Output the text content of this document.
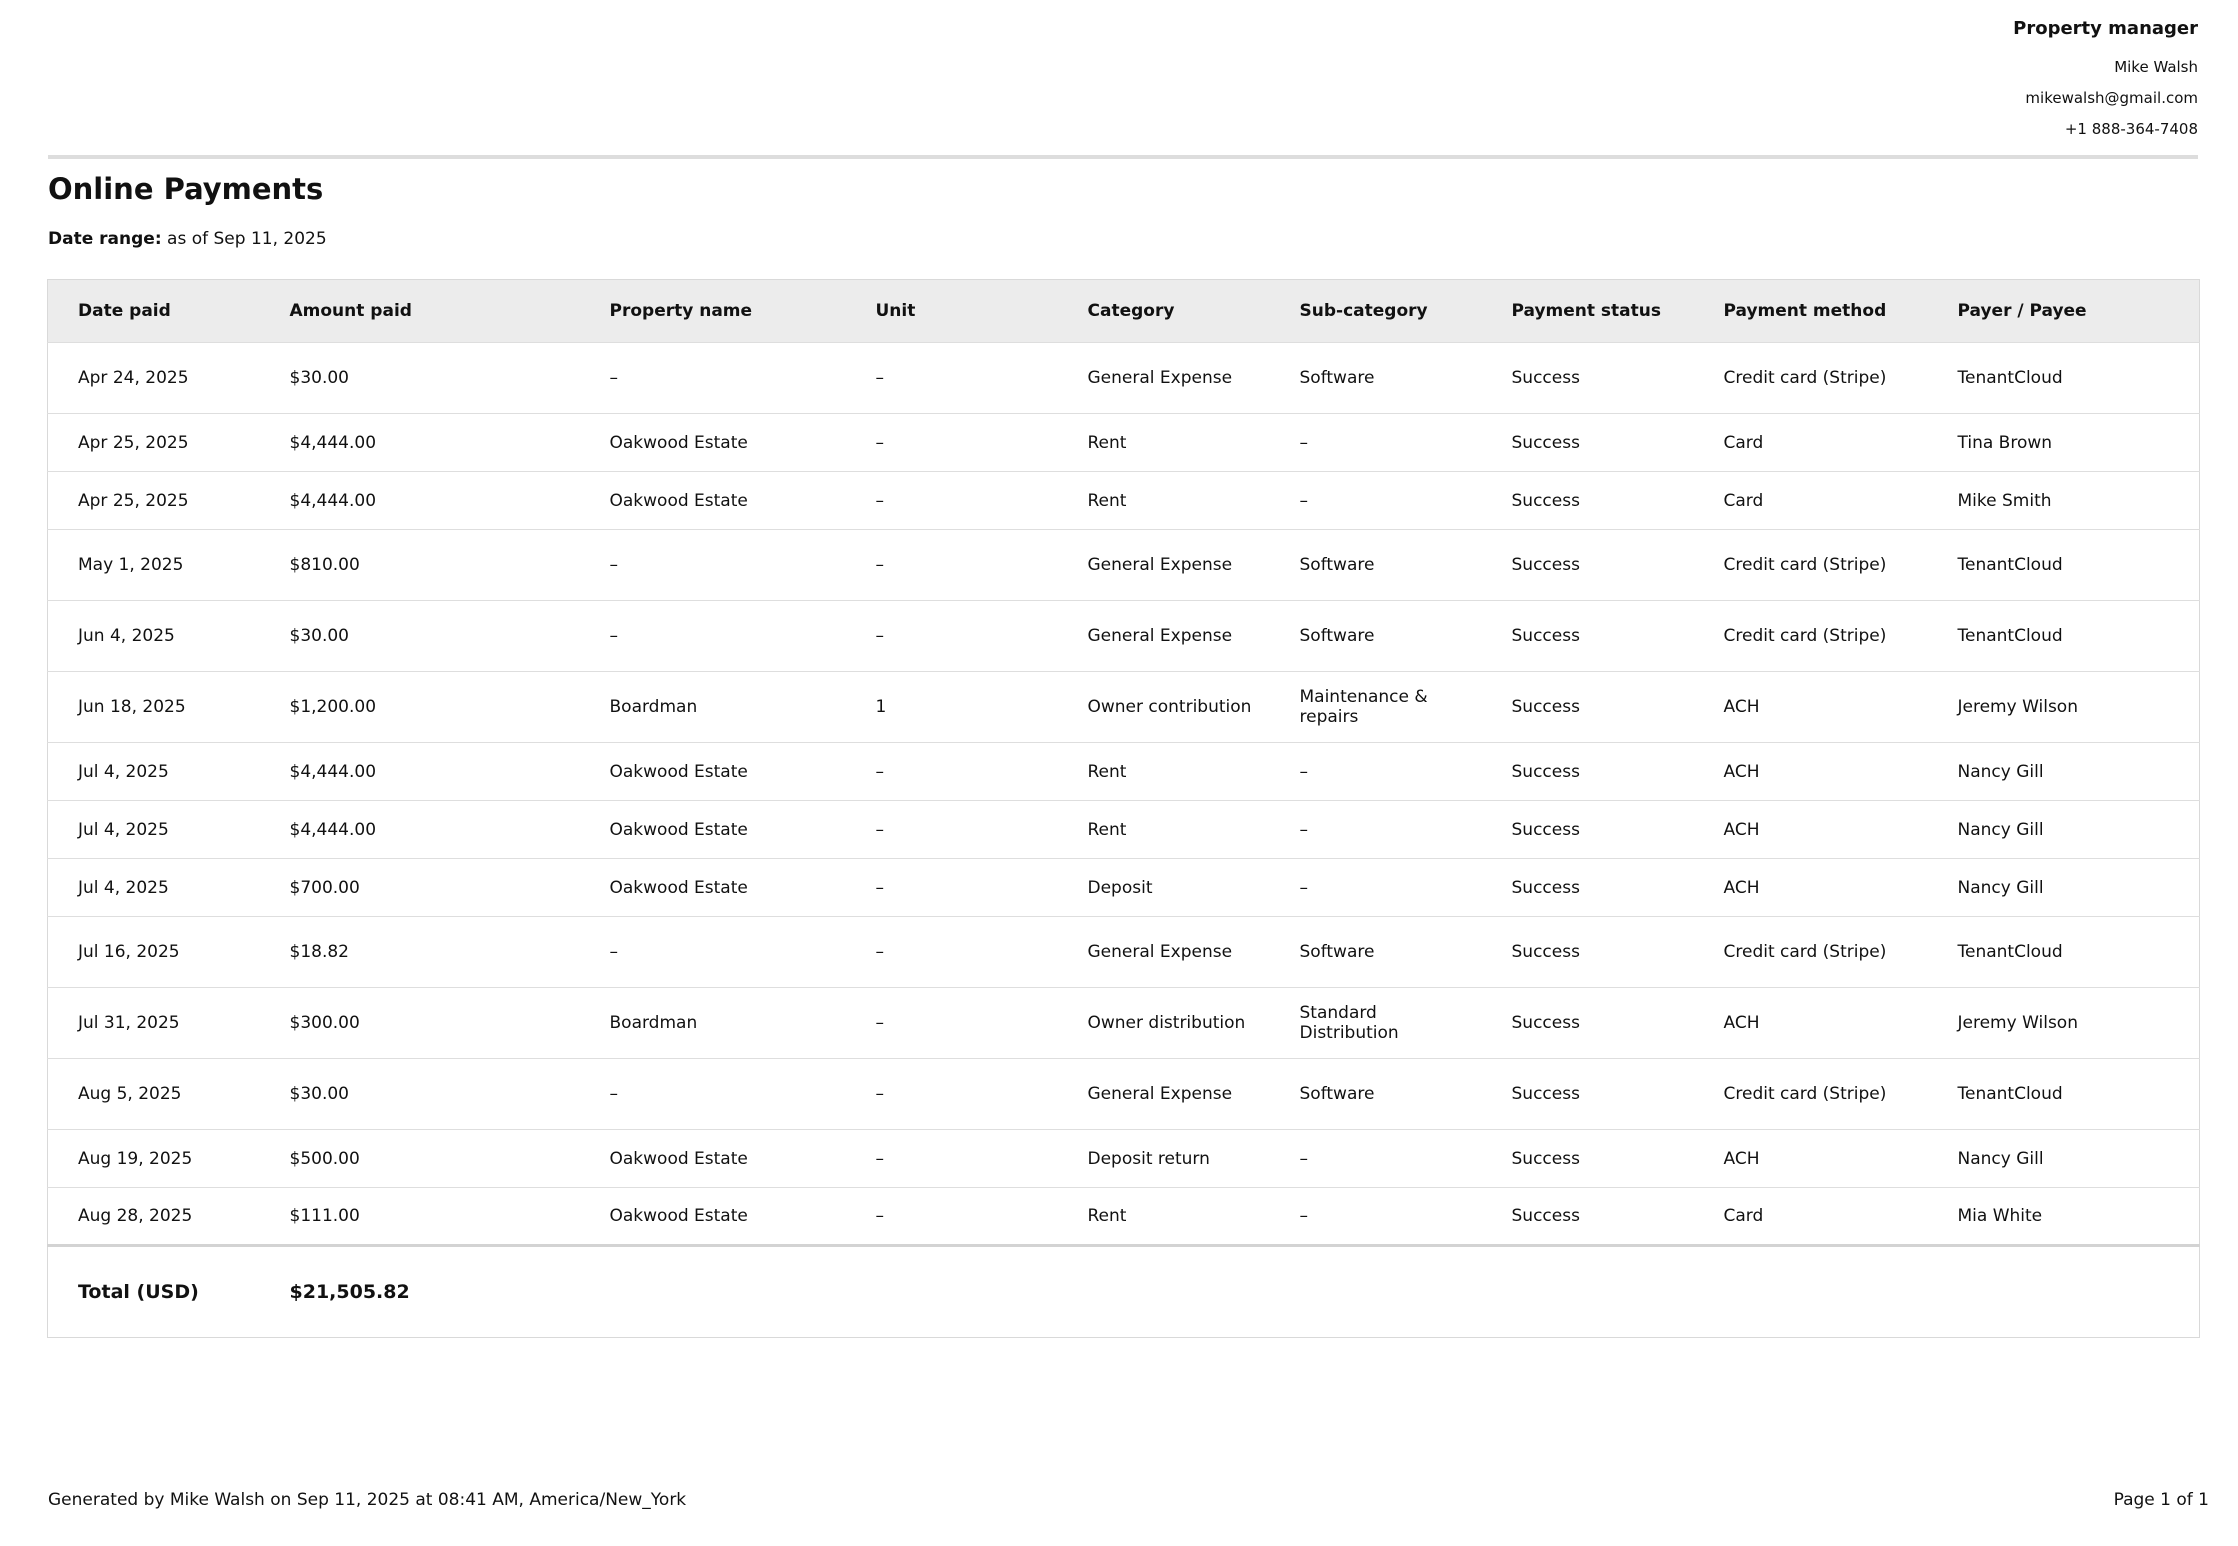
Property manager
Mike Walsh
mikewalsh@gmail.com
+1 888-364-7408
Online Payments
Date range: as of Sep 11, 2025
Date paid	Amount paid	Property name	Unit	Category	Sub-category	Payment status	Payment method	Payer / Payee
Apr 24, 2025	$30.00	–	–	General Expense	Software	Success	Credit card (Stripe)	TenantCloud
Apr 25, 2025	$4,444.00	Oakwood Estate	–	Rent	–	Success	Card	Tina Brown
Apr 25, 2025	$4,444.00	Oakwood Estate	–	Rent	–	Success	Card	Mike Smith
May 1, 2025	$810.00	–	–	General Expense	Software	Success	Credit card (Stripe)	TenantCloud
Jun 4, 2025	$30.00	–	–	General Expense	Software	Success	Credit card (Stripe)	TenantCloud
Jun 18, 2025	$1,200.00	Boardman	1	Owner contribution	Maintenance & repairs	Success	ACH	Jeremy Wilson
Jul 4, 2025	$4,444.00	Oakwood Estate	–	Rent	–	Success	ACH	Nancy Gill
Jul 4, 2025	$4,444.00	Oakwood Estate	–	Rent	–	Success	ACH	Nancy Gill
Jul 4, 2025	$700.00	Oakwood Estate	–	Deposit	–	Success	ACH	Nancy Gill
Jul 16, 2025	$18.82	–	–	General Expense	Software	Success	Credit card (Stripe)	TenantCloud
Jul 31, 2025	$300.00	Boardman	–	Owner distribution	Standard Distribution	Success	ACH	Jeremy Wilson
Aug 5, 2025	$30.00	–	–	General Expense	Software	Success	Credit card (Stripe)	TenantCloud
Aug 19, 2025	$500.00	Oakwood Estate	–	Deposit return	–	Success	ACH	Nancy Gill
Aug 28, 2025	$111.00	Oakwood Estate	–	Rent	–	Success	Card	Mia White
Total (USD)	$21,505.82							
Generated by Mike Walsh on Sep 11, 2025 at 08:41 AM, America/New_York	Page 1 of 1
